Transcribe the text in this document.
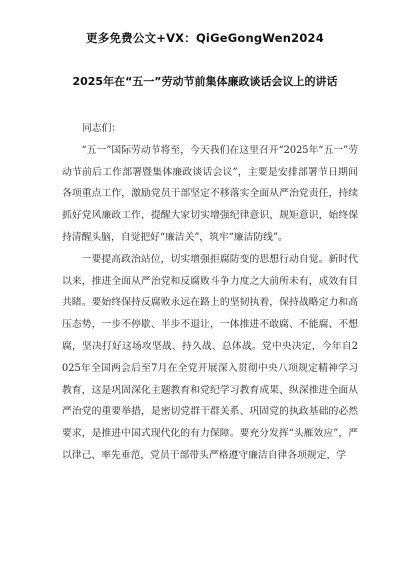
更多免费公文+VX：QiGeGongWen2024
2025年在“五一”劳动节前集体廉政谈话会议上的讲话
同志们：

“五一”国际劳动节将至，今天我们在这里召开“2025年“五一”劳动节前后工作部署暨集体廉政谈话会议”，主要是安排部署节日期间各项重点工作，激励党员干部坚定不移落实全面从严治党责任，持续抓好党风廉政工作，提醒大家切实增强纪律意识、规矩意识，始终保持清醒头脑，自觉把好“廉洁关”，筑牢“廉洁防线”。

一要提高政治站位，切实增强拒腐防变的思想行动自觉。新时代以来，推进全面从严治党和反腐败斗争力度之大前所未有，成效有目共睹。要始终保持反腐败永远在路上的坚韧执着，保持战略定力和高压态势，一步不停歇、半步不退让，一体推进不敢腐、不能腐、不想腐，坚决打好这场攻坚战、持久战、总体战。党中央决定，今年自2025年全国两会后至7月在全党开展深入贯彻中央八项规定精神学习教育，这是巩固深化主题教育和党纪学习教育成果、纵深推进全面从严治党的重要举措，是密切党群干群关系、巩固党的执政基础的必然要求，是推进中国式现代化的有力保障。要充分发挥“头雁效应”，严以律己、率先垂范，党员干部带头严格遵守廉洁自律各项规定，学
